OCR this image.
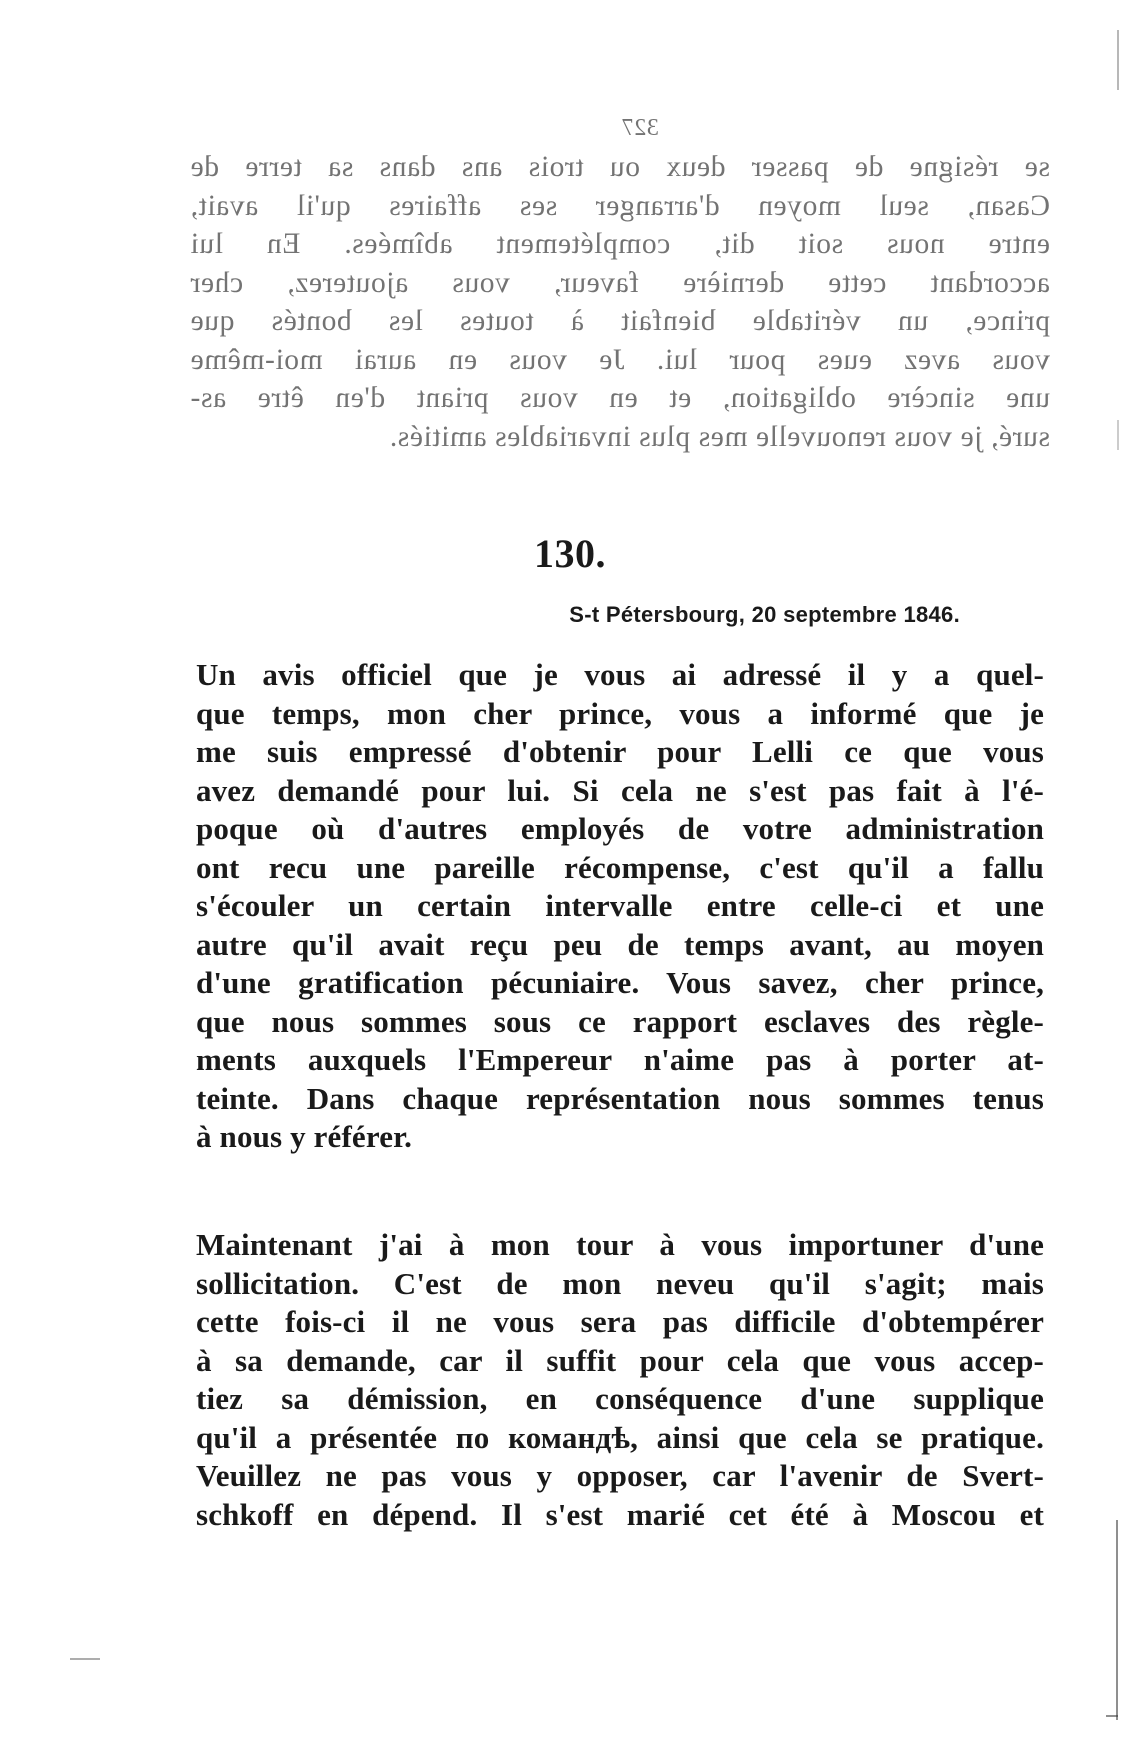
327
se résigne de passer deux ou trois ans dans sa terre de
Casan, seul moyen d'arranger ses affaires qu'il avait,
entre nous soit dit, complétement abîmées. En lui
accordant cette dernière faveur, vous ajouterez, cher
prince, un véritable bienfait à toutes les bontés que
vous avez eues pour lui. Je vous en aurai moi-même
une sincère obligation, et en vous priant d'en être as-
suré, je vous renouvelle mes plus invariables amitiés.
130.
S-t Pétersbourg, 20 septembre 1846.
Un avis officiel que je vous ai adressé il y a quel-
que temps, mon cher prince, vous a informé que je
me suis empressé d'obtenir pour Lelli ce que vous
avez demandé pour lui. Si cela ne s'est pas fait à l'é-
poque où d'autres employés de votre administration
ont recu une pareille récompense, c'est qu'il a fallu
s'écouler un certain intervalle entre celle-ci et une
autre qu'il avait reçu peu de temps avant, au moyen
d'une gratification pécuniaire. Vous savez, cher prince,
que nous sommes sous ce rapport esclaves des règle-
ments auxquels l'Empereur n'aime pas à porter at-
teinte. Dans chaque représentation nous sommes tenus
à nous y référer.
Maintenant j'ai à mon tour à vous importuner d'une
sollicitation. C'est de mon neveu qu'il s'agit; mais
cette fois-ci il ne vous sera pas difficile d'obtempérer
à sa demande, car il suffit pour cela que vous accep-
tiez sa démission, en conséquence d'une supplique
qu'il a présentée по командѣ, ainsi que cela se pratique.
Veuillez ne pas vous y opposer, car l'avenir de Svert-
schkoff en dépend. Il s'est marié cet été à Moscou et
